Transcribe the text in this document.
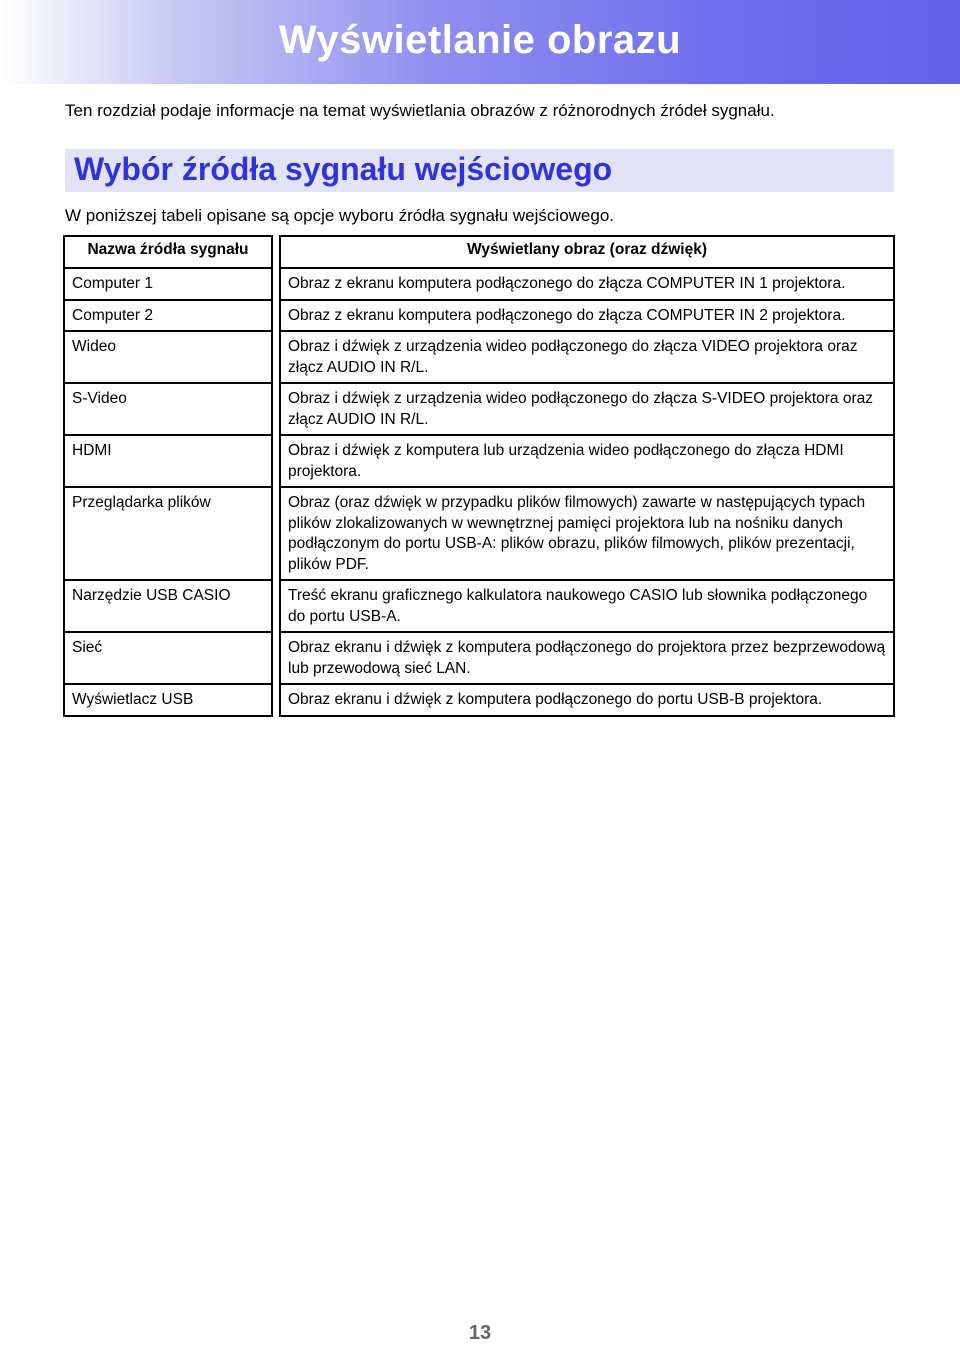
Wyświetlanie obrazu
Ten rozdział podaje informacje na temat wyświetlania obrazów z różnorodnych źródeł sygnału.
Wybór źródła sygnału wejściowego
W poniższej tabeli opisane są opcje wyboru źródła sygnału wejściowego.
Nazwa źródła sygnału		Wyświetlany obraz (oraz dźwięk)
Computer 1		Obraz z ekranu komputera podłączonego do złącza COMPUTER IN 1 projektora.
Computer 2		Obraz z ekranu komputera podłączonego do złącza COMPUTER IN 2 projektora.
Wideo		Obraz i dźwięk z urządzenia wideo podłączonego do złącza VIDEO projektora oraz złącz AUDIO IN R/L.
S-Video		Obraz i dźwięk z urządzenia wideo podłączonego do złącza S-VIDEO projektora oraz złącz AUDIO IN R/L.
HDMI		Obraz i dźwięk z komputera lub urządzenia wideo podłączonego do złącza HDMI projektora.
Przeglądarka plików		Obraz (oraz dźwięk w przypadku plików filmowych) zawarte w następujących typach plików zlokalizowanych w wewnętrznej pamięci projektora lub na nośniku danych podłączonym do portu USB-A: plików obrazu, plików filmowych, plików prezentacji, plików PDF.
Narzędzie USB CASIO		Treść ekranu graficznego kalkulatora naukowego CASIO lub słownika podłączonego do portu USB-A.
Sieć		Obraz ekranu i dźwięk z komputera podłączonego do projektora przez bezprzewodową lub przewodową sieć LAN.
Wyświetlacz USB		Obraz ekranu i dźwięk z komputera podłączonego do portu USB-B projektora.
13
